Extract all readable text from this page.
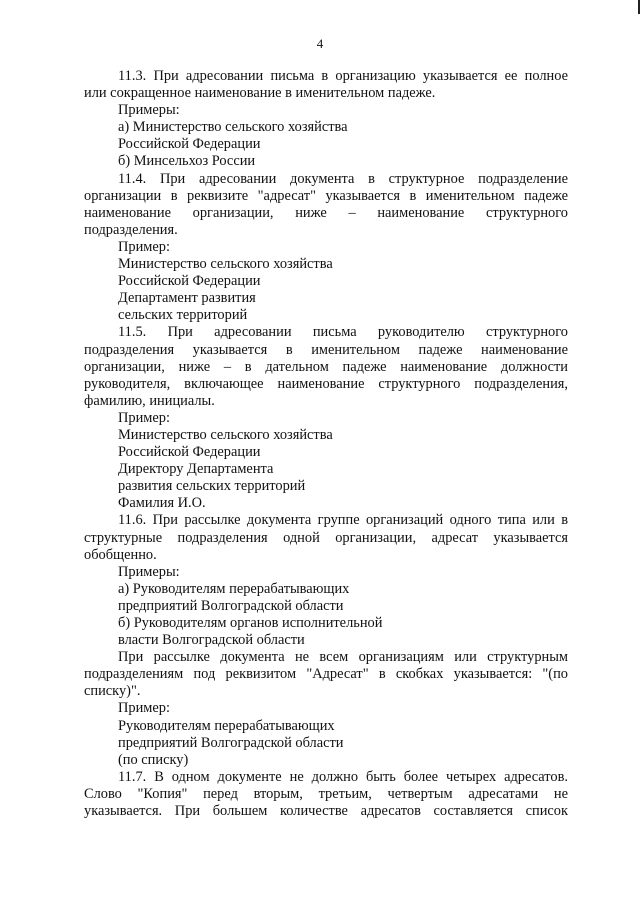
4
11.3. При адресовании письма в организацию указывается ее полное
или сокращенное наименование в именительном падеже.
Примеры:
а) Министерство сельского хозяйства
Российской Федерации
б) Минсельхоз России
11.4. При адресовании документа в структурное подразделение
организации в реквизите "адресат" указывается в именительном падеже
наименование организации, ниже – наименование структурного
подразделения.
Пример:
Министерство сельского хозяйства
Российской Федерации
Департамент развития
сельских территорий
11.5. При адресовании письма руководителю структурного
подразделения указывается в именительном падеже наименование
организации, ниже – в дательном падеже наименование должности
руководителя, включающее наименование структурного подразделения,
фамилию, инициалы.
Пример:
Министерство сельского хозяйства
Российской Федерации
Директору Департамента
развития сельских территорий
Фамилия И.О.
11.6. При рассылке документа группе организаций одного типа или в
структурные подразделения одной организации, адресат указывается
обобщенно.
Примеры:
а) Руководителям перерабатывающих
предприятий Волгоградской области
б) Руководителям органов исполнительной
власти Волгоградской области
При рассылке документа не всем организациям или структурным
подразделениям под реквизитом "Адресат" в скобках указывается: "(по
списку)".
Пример:
Руководителям перерабатывающих
предприятий Волгоградской области
(по списку)
11.7. В одном документе не должно быть более четырех адресатов.
Слово "Копия" перед вторым, третьим, четвертым адресатами не
указывается. При большем количестве адресатов составляется список
